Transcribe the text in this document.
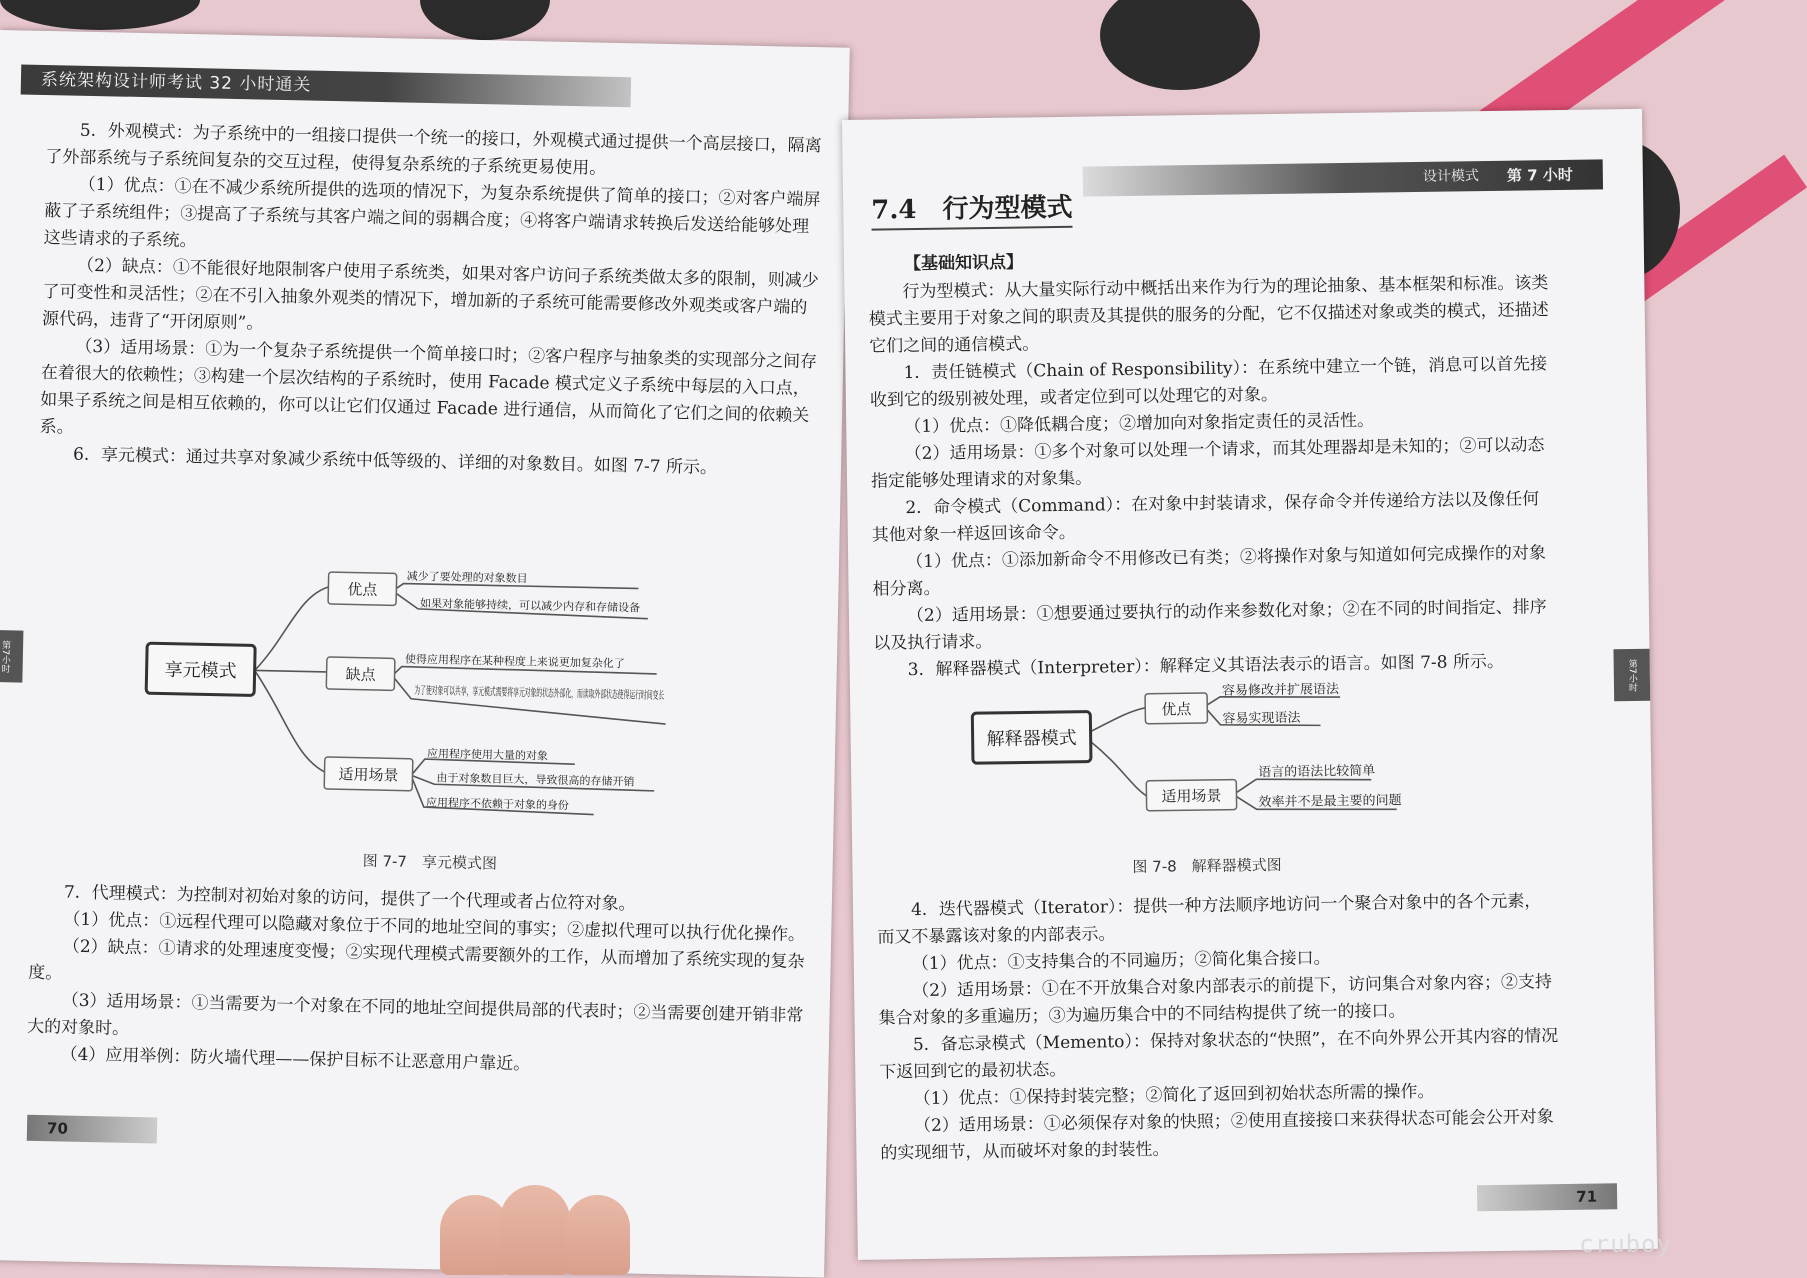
系统架构设计师考试 32 小时通关

5．外观模式：为子系统中的一组接口提供一个统一的接口，外观模式通过提供一个高层接口，隔离了外部系统与子系统间复杂的交互过程，使得复杂系统的子系统更易使用。

（1）优点：①在不减少系统所提供的选项的情况下，为复杂系统提供了简单的接口；②对客户端屏蔽了子系统组件；③提高了子系统与其客户端之间的弱耦合度；④将客户端请求转换后发送给能够处理这些请求的子系统。

（2）缺点：①不能很好地限制客户使用子系统类，如果对客户访问子系统类做太多的限制，则减少了可变性和灵活性；②在不引入抽象外观类的情况下，增加新的子系统可能需要修改外观类或客户端的源代码，违背了“开闭原则”。

（3）适用场景：①为一个复杂子系统提供一个简单接口时；②客户程序与抽象类的实现部分之间存在着很大的依赖性；③构建一个层次结构的子系统时，使用 Facade 模式定义子系统中每层的入口点，如果子系统之间是相互依赖的，你可以让它们仅通过 Facade 进行通信，从而简化了它们之间的依赖关系。

6．享元模式：通过共享对象减少系统中低等级的、详细的对象数目。如图 7-7 所示。

享元模式
优点
缺点
适用场景
减少了要处理的对象数目
如果对象能够持续，可以减少内存和存储设备
使得应用程序在某种程度上来说更加复杂化了
为了使对象可以共享，享元模式需要将享元对象的状态外部化，而读取外部状态使得运行时间变长
应用程序使用大量的对象
由于对象数目巨大，导致很高的存储开销
应用程序不依赖于对象的身份
图 7-7　享元模式图

7．代理模式：为控制对初始对象的访问，提供了一个代理或者占位符对象。

（1）优点：①远程代理可以隐藏对象位于不同的地址空间的事实；②虚拟代理可以执行优化操作。

（2）缺点：①请求的处理速度变慢；②实现代理模式需要额外的工作，从而增加了系统实现的复杂度。

（3）适用场景：①当需要为一个对象在不同的地址空间提供局部的代表时；②当需要创建开销非常大的对象时。

（4）应用举例：防火墙代理——保护目标不让恶意用户靠近。

第7小时
70
设计模式 第 7 小时
7.4　行为型模式
【基础知识点】

行为型模式：从大量实际行动中概括出来作为行为的理论抽象、基本框架和标准。该类模式主要用于对象之间的职责及其提供的服务的分配，它不仅描述对象或类的模式，还描述它们之间的通信模式。

1．责任链模式（Chain of Responsibility）：在系统中建立一个链，消息可以首先接收到它的级别被处理，或者定位到可以处理它的对象。

（1）优点：①降低耦合度；②增加向对象指定责任的灵活性。

（2）适用场景：①多个对象可以处理一个请求，而其处理器却是未知的；②可以动态指定能够处理请求的对象集。

2．命令模式（Command）：在对象中封装请求，保存命令并传递给方法以及像任何其他对象一样返回该命令。

（1）优点：①添加新命令不用修改已有类；②将操作对象与知道如何完成操作的对象相分离。

（2）适用场景：①想要通过要执行的动作来参数化对象；②在不同的时间指定、排序以及执行请求。

3．解释器模式（Interpreter）：解释定义其语法表示的语言。如图 7-8 所示。

解释器模式
优点
适用场景
容易修改并扩展语法
容易实现语法
语言的语法比较简单
效率并不是最主要的问题
图 7-8　解释器模式图

4．迭代器模式（Iterator）：提供一种方法顺序地访问一个聚合对象中的各个元素，而又不暴露该对象的内部表示。

（1）优点：①支持集合的不同遍历；②简化集合接口。

（2）适用场景：①在不开放集合对象内部表示的前提下，访问集合对象内容；②支持集合对象的多重遍历；③为遍历集合中的不同结构提供了统一的接口。

5．备忘录模式（Memento）：保持对象状态的“快照”，在不向外界公开其内容的情况下返回到它的最初状态。

（1）优点：①保持封装完整；②简化了返回到初始状态所需的操作。

（2）适用场景：①必须保存对象的快照；②使用直接接口来获得状态可能会公开对象的实现细节，从而破坏对象的封装性。

第7小时
71
cruboy
